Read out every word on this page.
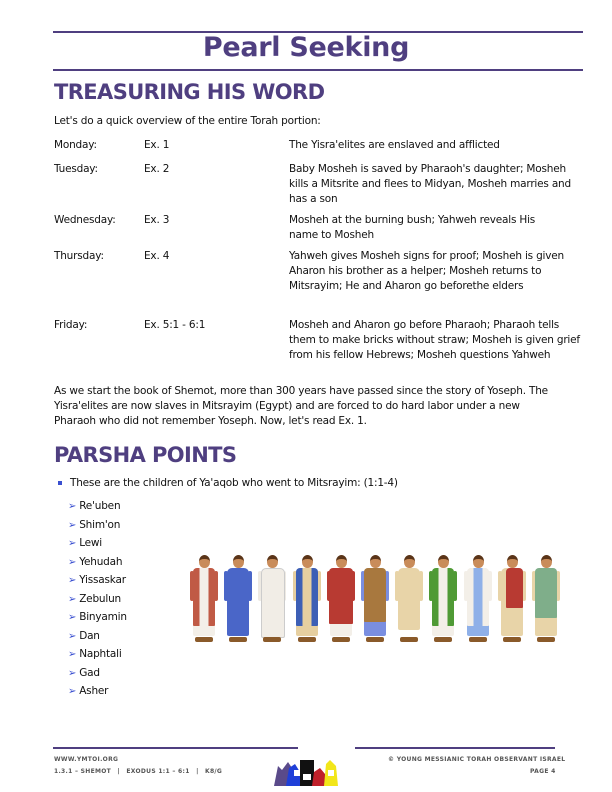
Pearl Seeking
TREASURING HIS WORD
Let's do a quick overview of the entire Torah portion:
Monday:	Ex. 1	The Yisra'elites are enslaved and afflicted
Tuesday:	Ex. 2	Baby Mosheh is saved by Pharaoh's daughter; Mosheh kills a Mitsrite and flees to Midyan, Mosheh marries and has a son
Wednesday:	Ex. 3	Mosheh at the burning bush; Yahweh reveals His name to Mosheh
Thursday:	Ex. 4	Yahweh gives Mosheh signs for proof; Mosheh is given Aharon his brother as a helper; Mosheh returns to Mitsrayim; He and Aharon go beforethe elders
Friday:	Ex. 5:1 - 6:1	Mosheh and Aharon go before Pharaoh; Pharaoh tells them to make bricks without straw; Mosheh is given grief from his fellow Hebrews; Mosheh questions Yahweh
As we start the book of Shemot, more than 300 years have passed since the story of Yoseph. The Yisra'elites are now slaves in Mitsrayim (Egypt) and are forced to do hard labor under a new Pharaoh who did not remember Yoseph. Now, let's read Ex. 1.
PARSHA POINTS
These are the children of Ya'aqob who went to Mitsrayim: (1:1-4)
➢ Re'uben
➢ Shim'on
➢ Lewi
➢ Yehudah
➢ Yissaskar
➢ Zebulun
➢ Binyamin
➢ Dan
➢ Naphtali
➢ Gad
➢ Asher
WWW.YMTOI.ORG
1.3.1 – SHEMOT | EXODUS 1:1 – 6:1 | K8/G
© YOUNG MESSIANIC TORAH OBSERVANT ISRAEL
PAGE 4
